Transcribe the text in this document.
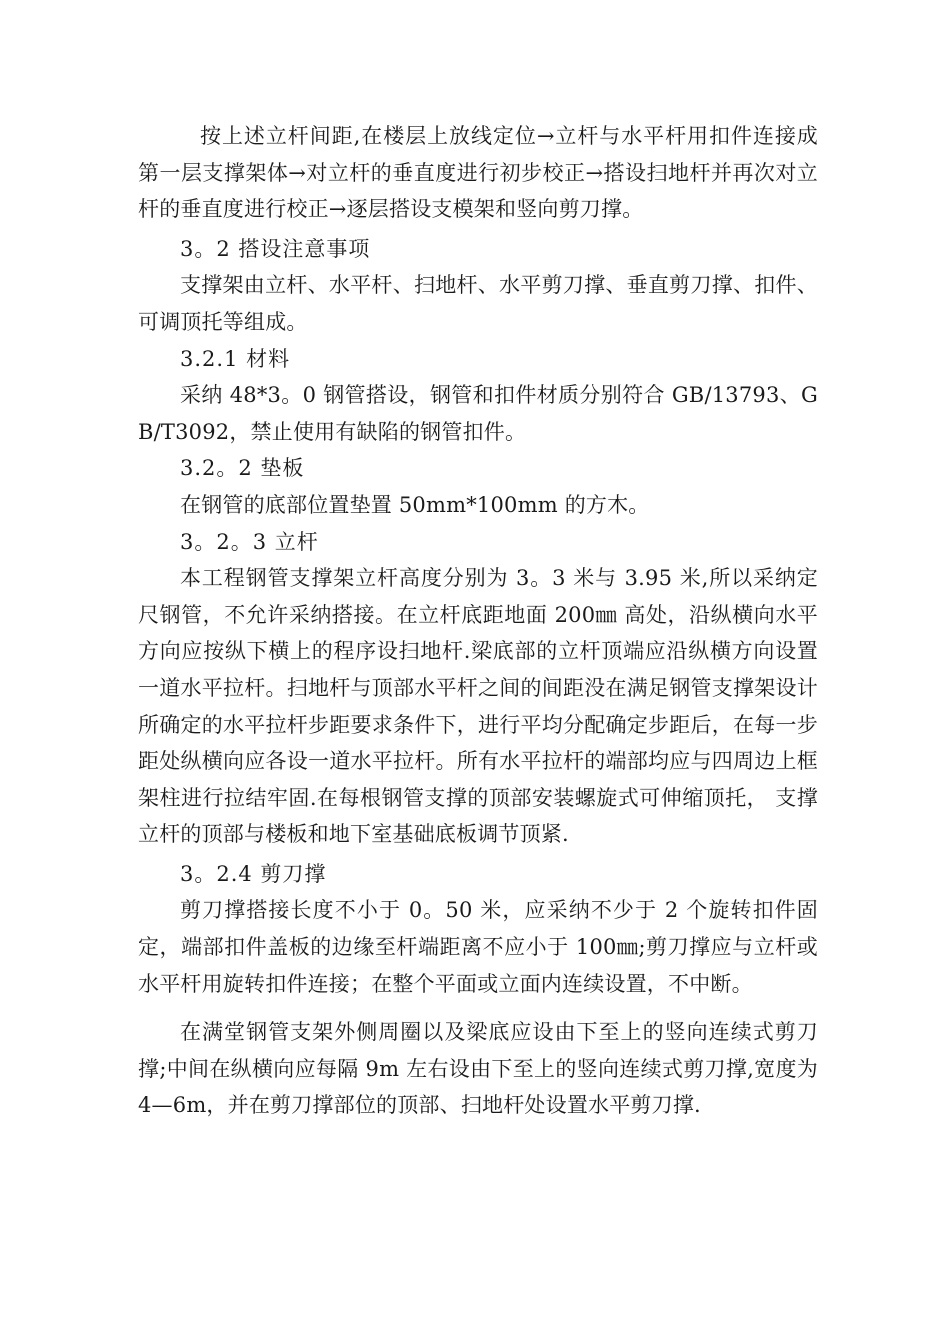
按上述立杆间距,在楼层上放线定位→立杆与水平杆用扣件连接成第一层支撑架体→对立杆的垂直度进行初步校正→搭设扫地杆并再次对立杆的垂直度进行校正→逐层搭设支模架和竖向剪刀撑。

3。2 搭设注意事项

支撑架由立杆、水平杆、扫地杆、水平剪刀撑、垂直剪刀撑、扣件、可调顶托等组成。

3.2.1 材料

采纳 48*3。0 钢管搭设，钢管和扣件材质分别符合 GB/13793、GB/T3092，禁止使用有缺陷的钢管扣件。

3.2。2 垫板

在钢管的底部位置垫置 50mm*100mm 的方木。

3。2。3 立杆

本工程钢管支撑架立杆高度分别为 3。3 米与 3.95 米,所以采纳定尺钢管，不允许采纳搭接。在立杆底距地面 200㎜ 高处，沿纵横向水平方向应按纵下横上的程序设扫地杆.梁底部的立杆顶端应沿纵横方向设置一道水平拉杆。扫地杆与顶部水平杆之间的间距没在满足钢管支撑架设计所确定的水平拉杆步距要求条件下，进行平均分配确定步距后，在每一步距处纵横向应各设一道水平拉杆。所有水平拉杆的端部均应与四周边上框架柱进行拉结牢固.在每根钢管支撑的顶部安装螺旋式可伸缩顶托， 支撑立杆的顶部与楼板和地下室基础底板调节顶紧.

3。2.4 剪刀撑

剪刀撑搭接长度不小于 0。50 米，应采纳不少于 2 个旋转扣件固定，端部扣件盖板的边缘至杆端距离不应小于 100㎜;剪刀撑应与立杆或水平杆用旋转扣件连接；在整个平面或立面内连续设置，不中断。

在满堂钢管支架外侧周圈以及梁底应设由下至上的竖向连续式剪刀撑;中间在纵横向应每隔 9m 左右设由下至上的竖向连续式剪刀撑,宽度为 4—6m，并在剪刀撑部位的顶部、扫地杆处设置水平剪刀撑.
